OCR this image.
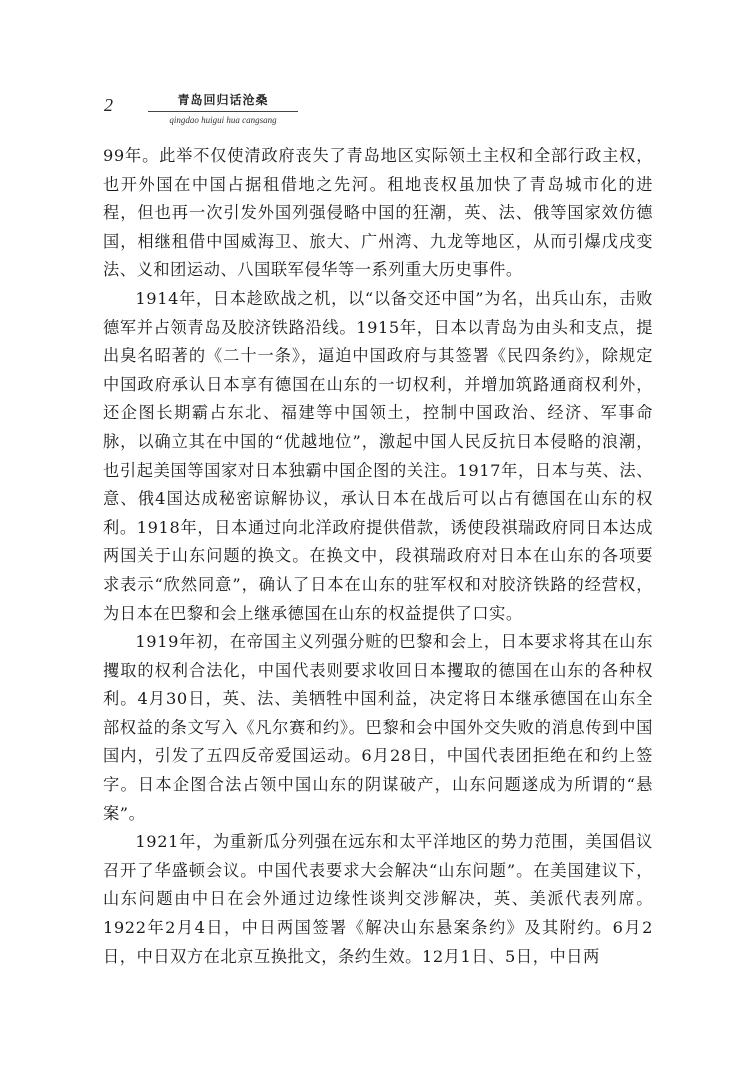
2	青岛回归话沧桑
qingdao huigui hua cangsang

99年。此举不仅使清政府丧失了青岛地区实际领土主权和全部行政主权，也开外国在中国占据租借地之先河。租地丧权虽加快了青岛城市化的进程，但也再一次引发外国列强侵略中国的狂潮，英、法、俄等国家效仿德国，相继租借中国威海卫、旅大、广州湾、九龙等地区，从而引爆戊戌变法、义和团运动、八国联军侵华等一系列重大历史事件。

1914年，日本趁欧战之机，以“以备交还中国”为名，出兵山东，击败德军并占领青岛及胶济铁路沿线。1915年，日本以青岛为由头和支点，提出臭名昭著的《二十一条》，逼迫中国政府与其签署《民四条约》，除规定中国政府承认日本享有德国在山东的一切权利，并增加筑路通商权利外，还企图长期霸占东北、福建等中国领土，控制中国政治、经济、军事命脉，以确立其在中国的“优越地位”，激起中国人民反抗日本侵略的浪潮，也引起美国等国家对日本独霸中国企图的关注。1917年，日本与英、法、意、俄4国达成秘密谅解协议，承认日本在战后可以占有德国在山东的权利。1918年，日本通过向北洋政府提供借款，诱使段祺瑞政府同日本达成两国关于山东问题的换文。在换文中，段祺瑞政府对日本在山东的各项要求表示“欣然同意”，确认了日本在山东的驻军权和对胶济铁路的经营权，为日本在巴黎和会上继承德国在山东的权益提供了口实。

1919年初，在帝国主义列强分赃的巴黎和会上，日本要求将其在山东攫取的权利合法化，中国代表则要求收回日本攫取的德国在山东的各种权利。4月30日，英、法、美牺牲中国利益，决定将日本继承德国在山东全部权益的条文写入《凡尔赛和约》。巴黎和会中国外交失败的消息传到中国国内，引发了五四反帝爱国运动。6月28日，中国代表团拒绝在和约上签字。日本企图合法占领中国山东的阴谋破产，山东问题遂成为所谓的“悬案”。

1921年，为重新瓜分列强在远东和太平洋地区的势力范围，美国倡议召开了华盛顿会议。中国代表要求大会解决“山东问题”。在美国建议下，山东问题由中日在会外通过边缘性谈判交涉解决，英、美派代表列席。1922年2月4日，中日两国签署《解决山东悬案条约》及其附约。6月2日，中日双方在北京互换批文，条约生效。12月1日、5日，中日两
